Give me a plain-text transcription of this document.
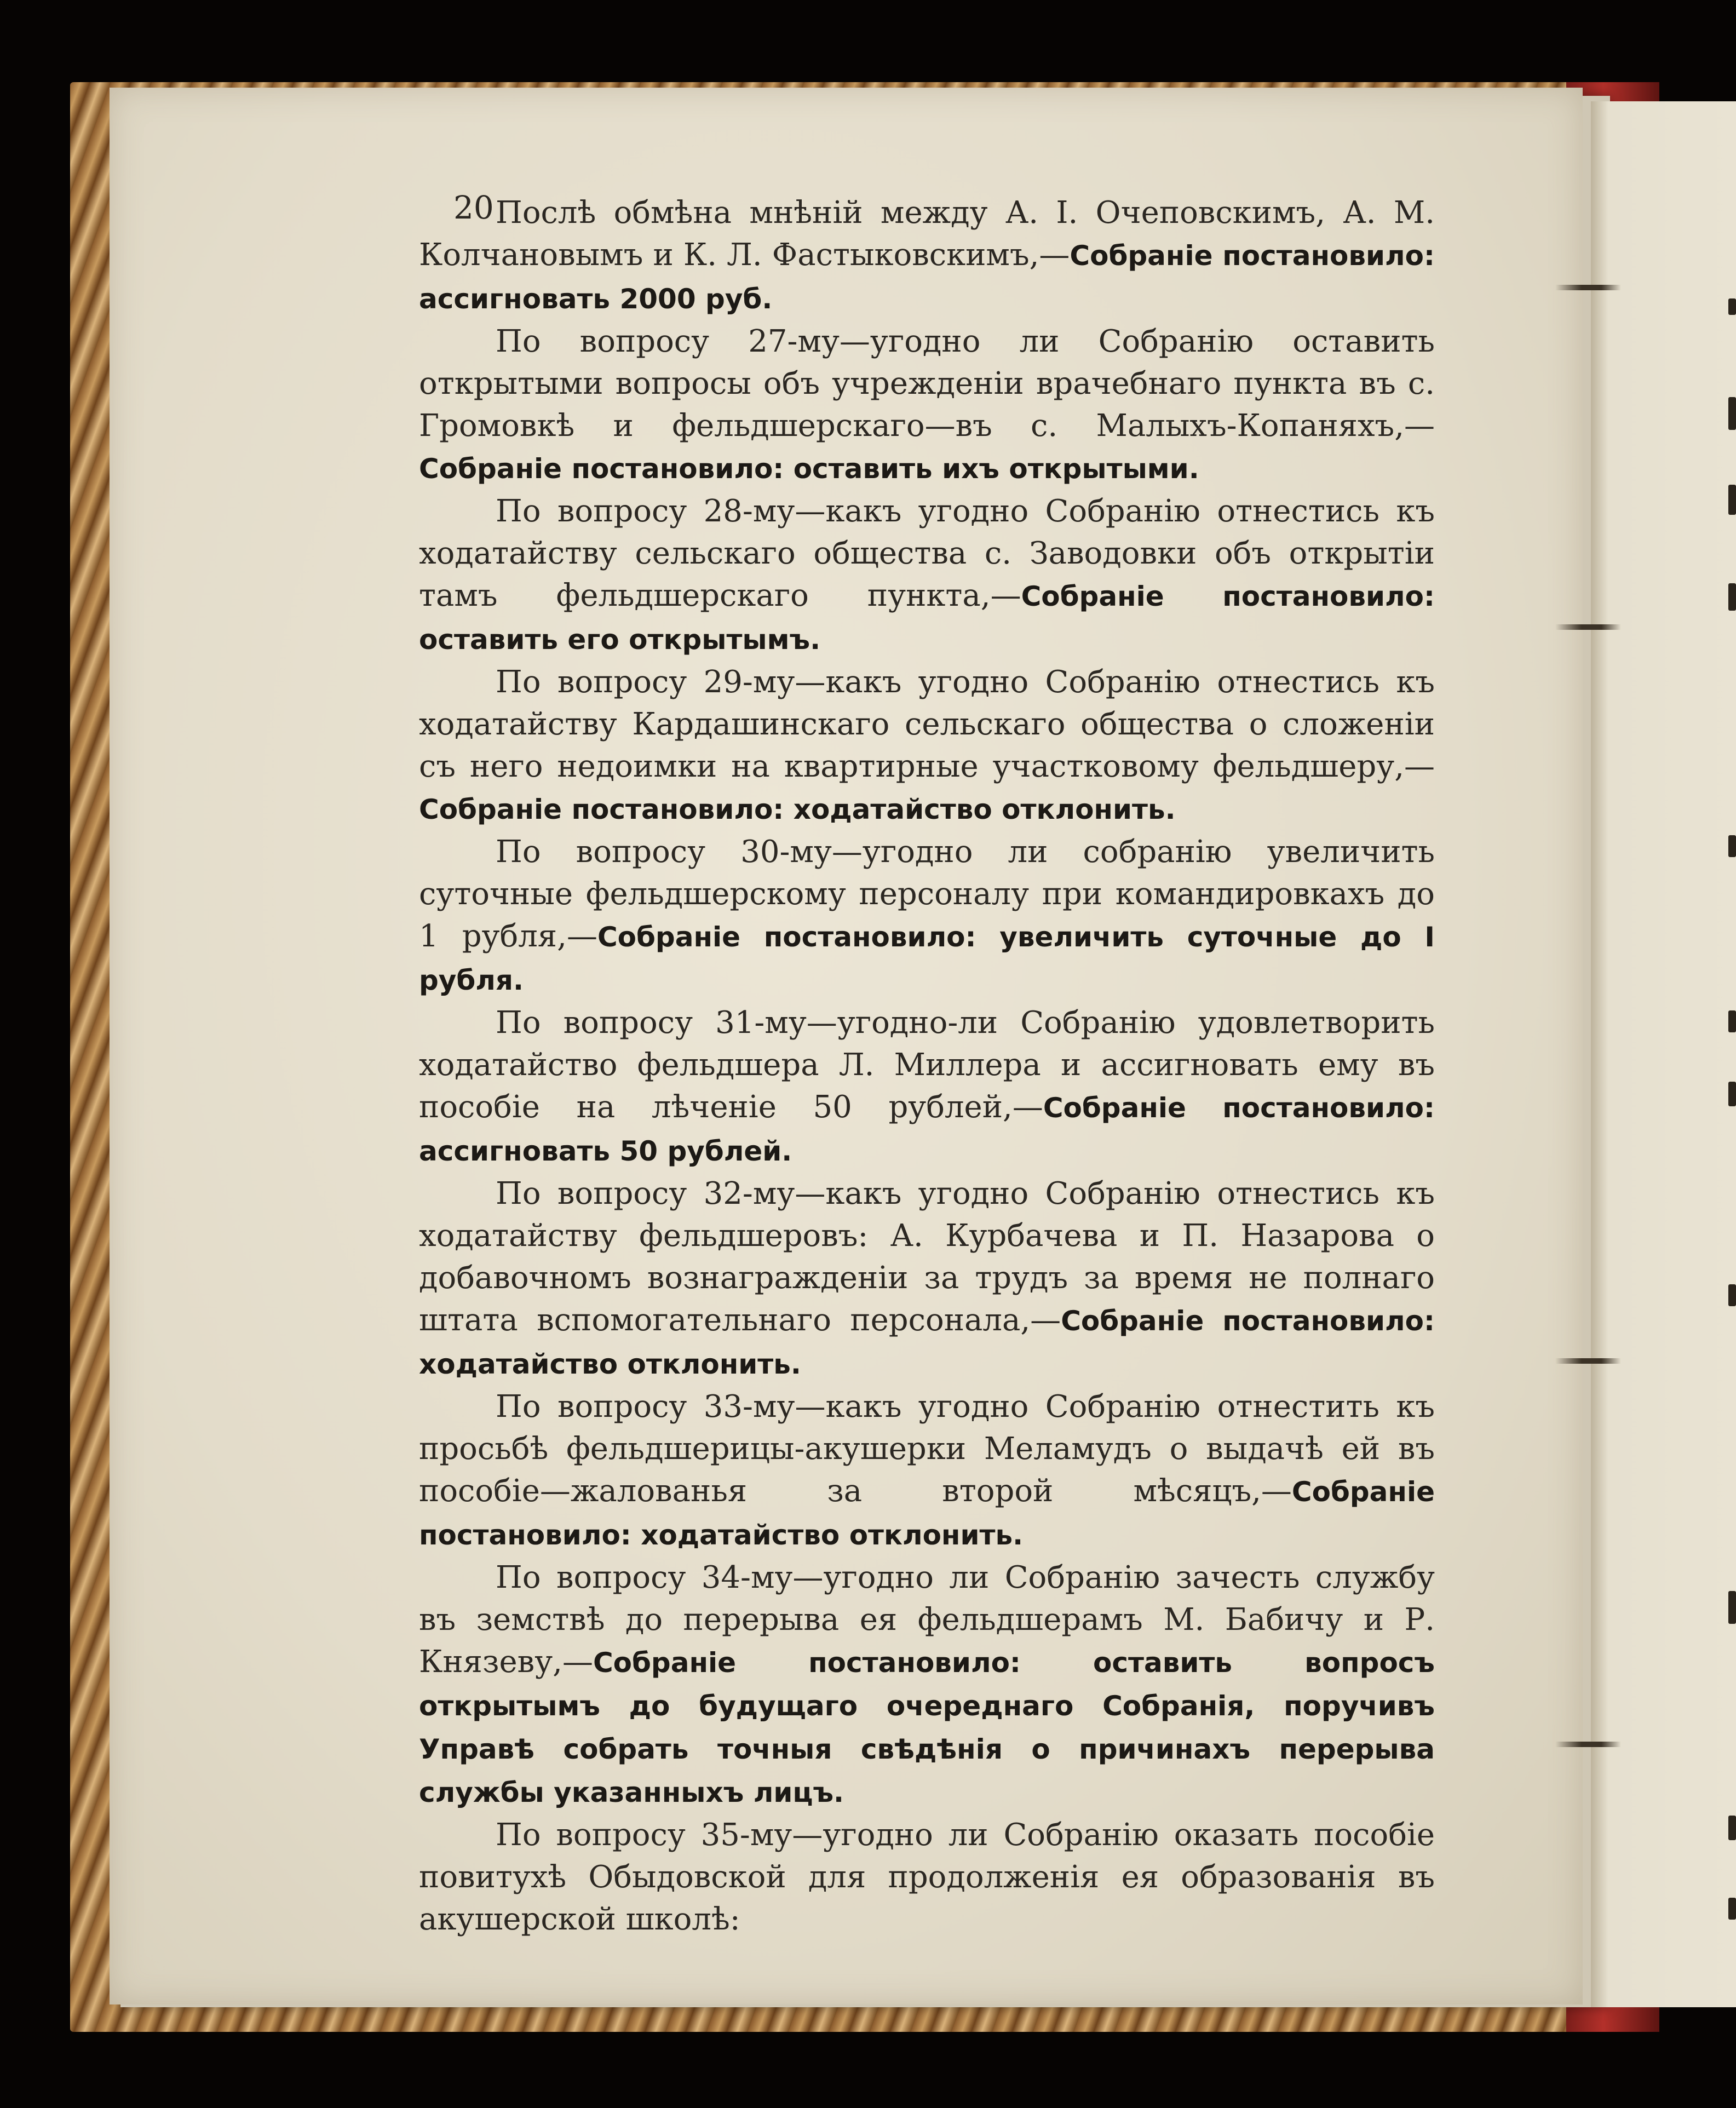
20 Послѣ обмѣна мнѣній между А. I. Очеповскимъ, А. М. Колчановымъ и К. Л. Фастыковскимъ,—Собраніе постановило: ассигновать 2000 руб.

По вопросу 27-му—угодно ли Собранію оставить открытыми вопросы объ учрежденіи врачебнаго пункта въ с. Громовкѣ и фельдшерскаго—въ с. Малыхъ-Копаняхъ,—Собраніе постановило: оставить ихъ открытыми.

По вопросу 28-му—какъ угодно Собранію отнестись къ ходатайству сельскаго общества с. Заводовки объ открытіи тамъ фельдшерскаго пункта,—Собраніе постановило: оставить его открытымъ.

По вопросу 29-му—какъ угодно Собранію отнестись къ ходатайству Кардашинскаго сельскаго общества о сложеніи съ него недоимки на квартирные участковому фельдшеру,—Собраніе постановило: ходатайство отклонить.

По вопросу 30-му—угодно ли собранію увеличить суточные фельдшерскому персоналу при командировкахъ до 1 рубля,—Собраніе постановило: увеличить суточные до I рубля.

По вопросу 31-му—угодно-ли Собранію удовлетворить ходатайство фельдшера Л. Миллера и ассигновать ему въ пособіе на лѣченіе 50 рублей,—Собраніе постановило: ассигновать 50 рублей.

По вопросу 32-му—какъ угодно Собранію отнестись къ ходатайству фельдшеровъ: А. Курбачева и П. Назарова о добавочномъ вознагражденіи за трудъ за время не полнаго штата вспомогательнаго персонала,—Собраніе постановило: ходатайство отклонить.

По вопросу 33-му—какъ угодно Собранію отнестить къ просьбѣ фельдшерицы-акушерки Меламудъ о выдачѣ ей въ пособіе—жалованья за второй мѣсяцъ,—Собраніе постановило: ходатайство отклонить.

По вопросу 34-му—угодно ли Собранію зачесть службу въ земствѣ до перерыва ея фельдшерамъ М. Бабичу и Р. Князеву,—Собраніе постановило: оставить вопросъ открытымъ до будущаго очереднаго Собранія, поручивъ Управѣ собрать точныя свѣдѣнія о причинахъ перерыва службы указанныхъ лицъ.

По вопросу 35-му—угодно ли Собранію оказать пособіе повитухѣ Обыдовской для продолженія ея образованія въ акушерской школѣ:
